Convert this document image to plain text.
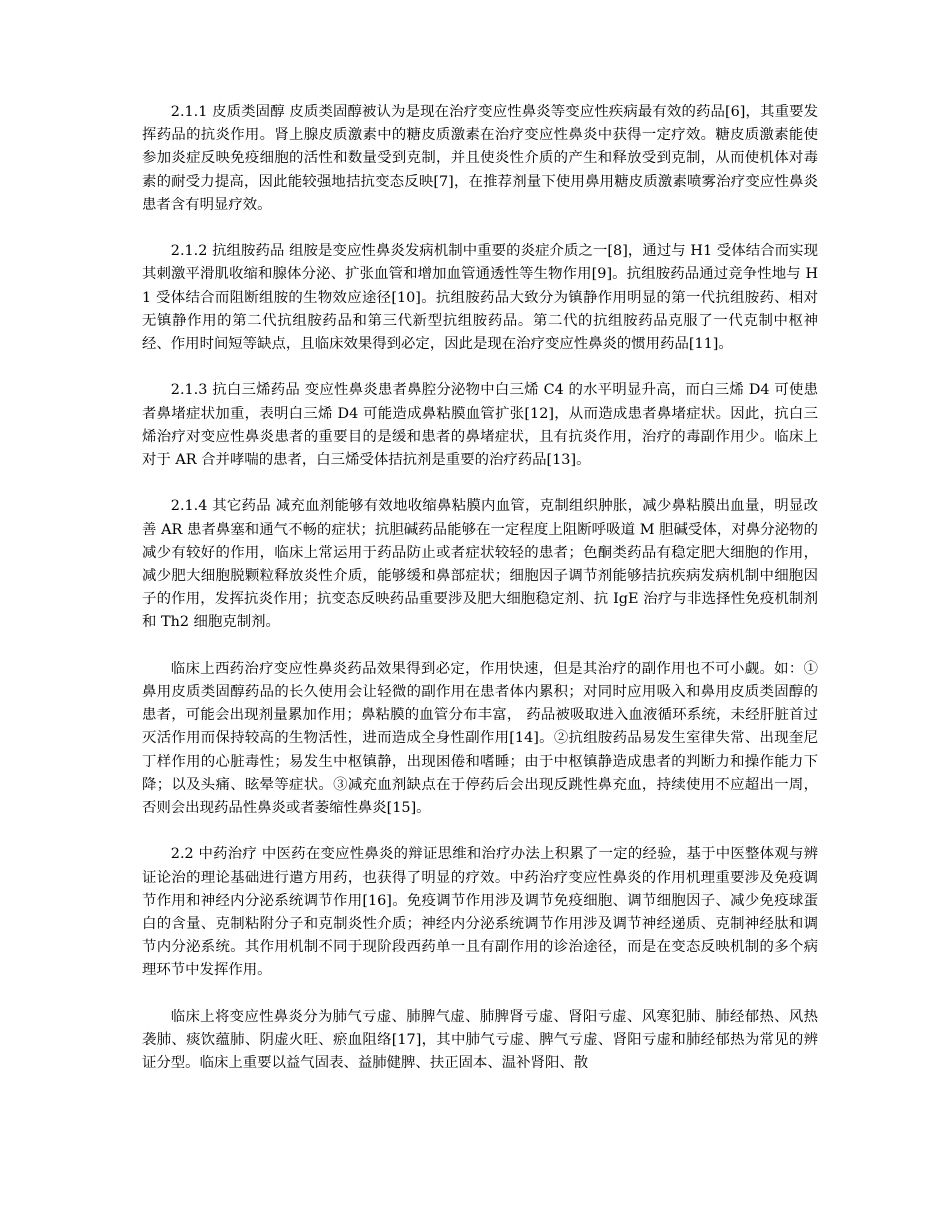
2.1.1 皮质类固醇 皮质类固醇被认为是现在治疗变应性鼻炎等变应性疾病最有效的药品[6]，其重要发挥药品的抗炎作用。肾上腺皮质激素中的糖皮质激素在治疗变应性鼻炎中获得一定疗效。糖皮质激素能使参加炎症反映免疫细胞的活性和数量受到克制，并且使炎性介质的产生和释放受到克制，从而使机体对毒素的耐受力提高，因此能较强地拮抗变态反映[7]，在推荐剂量下使用鼻用糖皮质激素喷雾治疗变应性鼻炎患者含有明显疗效。

2.1.2 抗组胺药品 组胺是变应性鼻炎发病机制中重要的炎症介质之一[8]，通过与 H1 受体结合而实现其刺激平滑肌收缩和腺体分泌、扩张血管和增加血管通透性等生物作用[9]。抗组胺药品通过竞争性地与 H1 受体结合而阻断组胺的生物效应途径[10]。抗组胺药品大致分为镇静作用明显的第一代抗组胺药、相对无镇静作用的第二代抗组胺药品和第三代新型抗组胺药品。第二代的抗组胺药品克服了一代克制中枢神经、作用时间短等缺点，且临床效果得到必定，因此是现在治疗变应性鼻炎的惯用药品[11]。

2.1.3 抗白三烯药品 变应性鼻炎患者鼻腔分泌物中白三烯 C4 的水平明显升高，而白三烯 D4 可使患者鼻堵症状加重，表明白三烯 D4 可能造成鼻粘膜血管扩张[12]，从而造成患者鼻堵症状。因此，抗白三烯治疗对变应性鼻炎患者的重要目的是缓和患者的鼻堵症状，且有抗炎作用，治疗的毒副作用少。临床上对于 AR 合并哮喘的患者，白三烯受体拮抗剂是重要的治疗药品[13]。

2.1.4 其它药品 减充血剂能够有效地收缩鼻粘膜内血管，克制组织肿胀，减少鼻粘膜出血量，明显改善 AR 患者鼻塞和通气不畅的症状；抗胆碱药品能够在一定程度上阻断呼吸道 M 胆碱受体，对鼻分泌物的减少有较好的作用，临床上常运用于药品防止或者症状较轻的患者；色酮类药品有稳定肥大细胞的作用，减少肥大细胞脱颗粒释放炎性介质，能够缓和鼻部症状；细胞因子调节剂能够拮抗疾病发病机制中细胞因子的作用，发挥抗炎作用；抗变态反映药品重要涉及肥大细胞稳定剂、抗 IgE 治疗与非选择性免疫机制剂和 Th2 细胞克制剂。

临床上西药治疗变应性鼻炎药品效果得到必定，作用快速，但是其治疗的副作用也不可小觑。如：①鼻用皮质类固醇药品的长久使用会让轻微的副作用在患者体内累积；对同时应用吸入和鼻用皮质类固醇的患者，可能会出现剂量累加作用；鼻粘膜的血管分布丰富， 药品被吸取进入血液循环系统，未经肝脏首过灭活作用而保持较高的生物活性，进而造成全身性副作用[14]。②抗组胺药品易发生室律失常、出现奎尼丁样作用的心脏毒性；易发生中枢镇静，出现困倦和嗜睡；由于中枢镇静造成患者的判断力和操作能力下降；以及头痛、眩晕等症状。③减充血剂缺点在于停药后会出现反跳性鼻充血，持续使用不应超出一周，否则会出现药品性鼻炎或者萎缩性鼻炎[15]。

2.2 中药治疗 中医药在变应性鼻炎的辩证思维和治疗办法上积累了一定的经验，基于中医整体观与辨证论治的理论基础进行遣方用药，也获得了明显的疗效。中药治疗变应性鼻炎的作用机理重要涉及免疫调节作用和神经内分泌系统调节作用[16]。免疫调节作用涉及调节免疫细胞、调节细胞因子、减少免疫球蛋白的含量、克制粘附分子和克制炎性介质；神经内分泌系统调节作用涉及调节神经递质、克制神经肽和调节内分泌系统。其作用机制不同于现阶段西药单一且有副作用的诊治途径，而是在变态反映机制的多个病理环节中发挥作用。

临床上将变应性鼻炎分为肺气亏虚、肺脾气虚、肺脾肾亏虚、肾阳亏虚、风寒犯肺、肺经郁热、风热袭肺、痰饮蕴肺、阴虚火旺、瘀血阻络[17]，其中肺气亏虚、脾气亏虚、肾阳亏虚和肺经郁热为常见的辨证分型。临床上重要以益气固表、益肺健脾、扶正固本、温补肾阳、散
